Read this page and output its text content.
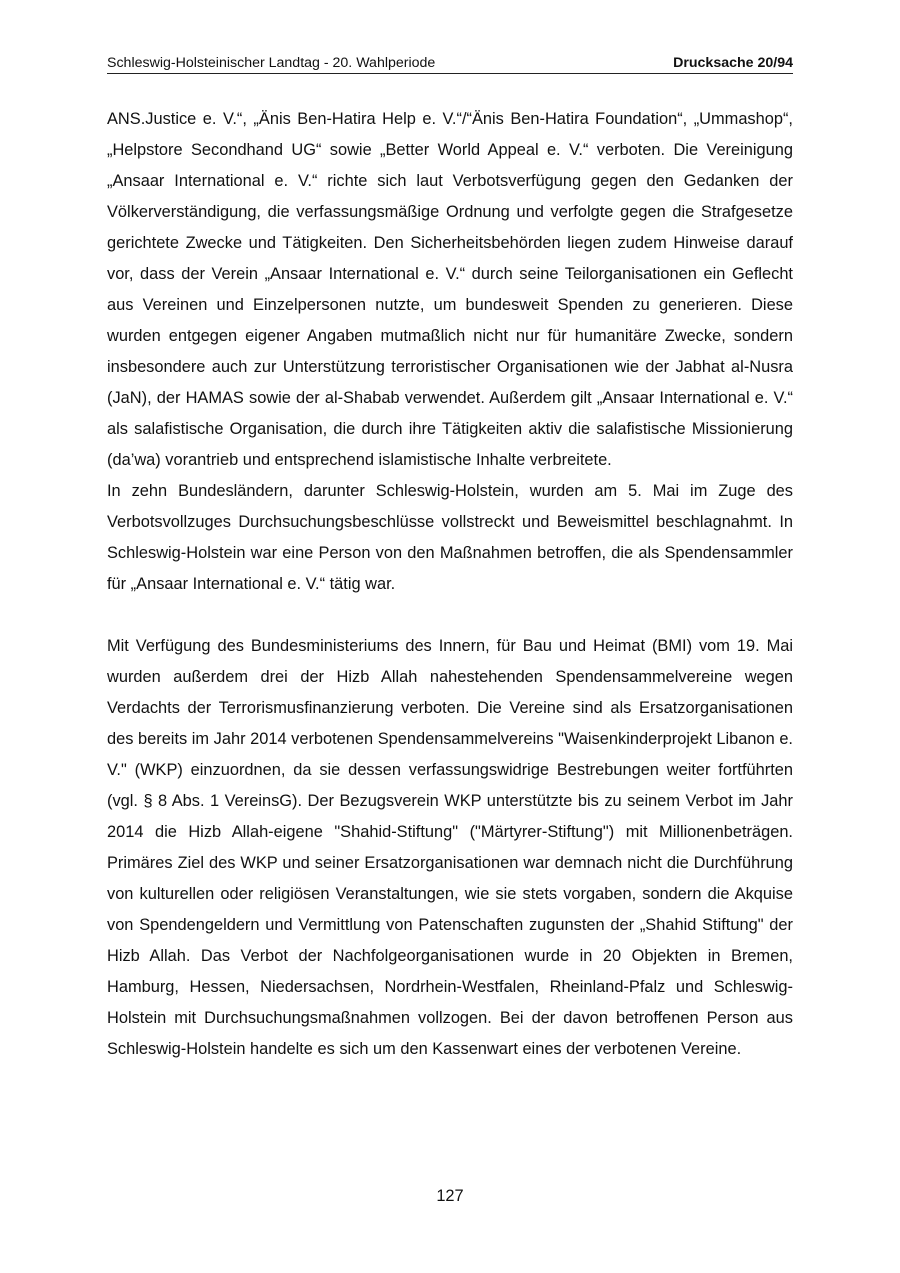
Schleswig-Holsteinischer Landtag - 20. Wahlperiode	Drucksache 20/94

ANS.Justice e. V.“, „Änis Ben-Hatira Help e. V.“/“Änis Ben-Hatira Foundation“, „Ummashop“, „Helpstore Secondhand UG“ sowie „Better World Appeal e. V.“ verboten. Die Vereinigung „Ansaar International e. V.“ richte sich laut Verbotsverfügung gegen den Gedanken der Völkerverständigung, die verfassungsmäßige Ordnung und verfolgte gegen die Strafgesetze gerichtete Zwecke und Tätigkeiten. Den Sicherheitsbehörden liegen zudem Hinweise darauf vor, dass der Verein „Ansaar International e. V.“ durch seine Teilorganisationen ein Geflecht aus Vereinen und Einzelpersonen nutzte, um bundesweit Spenden zu generieren. Diese wurden entgegen eigener Angaben mutmaßlich nicht nur für humanitäre Zwecke, sondern insbesondere auch zur Unterstützung terroristischer Organisationen wie der Jabhat al-Nusra (JaN), der HAMAS sowie der al-Shabab verwendet. Außerdem gilt „Ansaar International e. V.“ als salafistische Organisation, die durch ihre Tätigkeiten aktiv die salafistische Missionierung (da’wa) vorantrieb und entsprechend islamistische Inhalte verbreitete.

In zehn Bundesländern, darunter Schleswig-Holstein, wurden am 5. Mai im Zuge des Verbotsvollzuges Durchsuchungsbeschlüsse vollstreckt und Beweismittel beschlagnahmt. In Schleswig-Holstein war eine Person von den Maßnahmen betroffen, die als Spendensammler für „Ansaar International e. V.“ tätig war.

Mit Verfügung des Bundesministeriums des Innern, für Bau und Heimat (BMI) vom 19. Mai wurden außerdem drei der Hizb Allah nahestehenden Spendensammelvereine wegen Verdachts der Terrorismusfinanzierung verboten. Die Vereine sind als Ersatzorganisationen des bereits im Jahr 2014 verbotenen Spendensammelvereins "Waisenkinderprojekt Libanon e. V." (WKP) einzuordnen, da sie dessen verfassungswidrige Bestrebungen weiter fortführten (vgl. § 8 Abs. 1 VereinsG). Der Bezugsverein WKP unterstützte bis zu seinem Verbot im Jahr 2014 die Hizb Allah-eigene "Shahid-Stiftung" ("Märtyrer-Stiftung") mit Millionenbeträgen. Primäres Ziel des WKP und seiner Ersatzorganisationen war demnach nicht die Durchführung von kulturellen oder religiösen Veranstaltungen, wie sie stets vorgaben, sondern die Akquise von Spendengeldern und Vermittlung von Patenschaften zugunsten der „Shahid Stiftung" der Hizb Allah. Das Verbot der Nachfolgeorganisationen wurde in 20 Objekten in Bremen, Hamburg, Hessen, Niedersachsen, Nordrhein-Westfalen, Rheinland-Pfalz und Schleswig-Holstein mit Durchsuchungsmaßnahmen vollzogen. Bei der davon betroffenen Person aus Schleswig-Holstein handelte es sich um den Kassenwart eines der verbotenen Vereine.

127
